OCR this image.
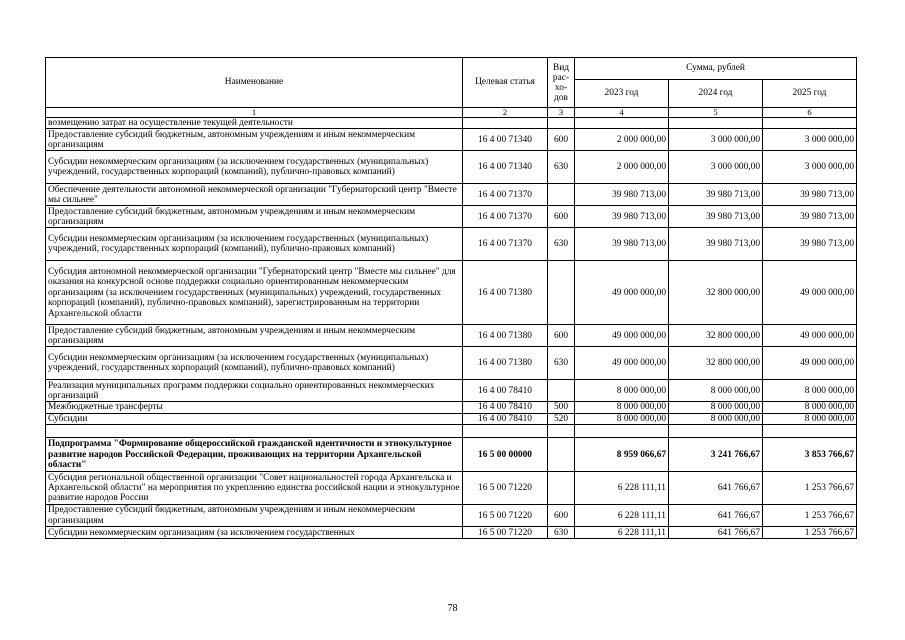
Наименование	Целевая статья	Вид рас-хо-дов	Сумма, рублей		
			2023 год	2024 год	2025 год
1	2	3	4	5	6
возмещению затрат на осуществление текущей деятельности					
Предоставление субсидий бюджетным, автономным учреждениям и иным некоммерческим организациям	16 4 00 71340	600	2 000 000,00	3 000 000,00	3 000 000,00
Субсидии некоммерческим организациям (за исключением государственных (муниципальных) учреждений, государственных корпораций (компаний), публично-правовых компаний)	16 4 00 71340	630	2 000 000,00	3 000 000,00	3 000 000,00
Обеспечение деятельности автономной некоммерческой организации "Губернаторский центр "Вместе мы сильнее"	16 4 00 71370		39 980 713,00	39 980 713,00	39 980 713,00
Предоставление субсидий бюджетным, автономным учреждениям и иным некоммерческим организациям	16 4 00 71370	600	39 980 713,00	39 980 713,00	39 980 713,00
Субсидии некоммерческим организациям (за исключением государственных (муниципальных) учреждений, государственных корпораций (компаний), публично-правовых компаний)	16 4 00 71370	630	39 980 713,00	39 980 713,00	39 980 713,00
Субсидия автономной некоммерческой организации "Губернаторский центр "Вместе мы сильнее" для оказания на конкурсной основе поддержки социально ориентированным некоммерческим организациям (за исключением государственных (муниципальных) учреждений, государственных корпораций (компаний), публично-правовых компаний), зарегистрированным на территории Архангельской области	16 4 00 71380		49 000 000,00	32 800 000,00	49 000 000,00
Предоставление субсидий бюджетным, автономным учреждениям и иным некоммерческим организациям	16 4 00 71380	600	49 000 000,00	32 800 000,00	49 000 000,00
Субсидии некоммерческим организациям (за исключением государственных (муниципальных) учреждений, государственных корпораций (компаний), публично-правовых компаний)	16 4 00 71380	630	49 000 000,00	32 800 000,00	49 000 000,00
Реализация муниципальных программ поддержки социально ориентированных некоммерческих организаций	16 4 00 78410		8 000 000,00	8 000 000,00	8 000 000,00
Межбюджетные трансферты	16 4 00 78410	500	8 000 000,00	8 000 000,00	8 000 000,00
Субсидии	16 4 00 78410	520	8 000 000,00	8 000 000,00	8 000 000,00

Подпрограмма "Формирование общероссийской гражданской идентичности и этнокультурное развитие народов Российской Федерации, проживающих на территории Архангельской области"	16 5 00 00000		8 959 066,67	3 241 766,67	3 853 766,67
Субсидия региональной общественной организации "Совет национальностей города Архангельска и Архангельской области" на мероприятия по укреплению единства российской нации и этнокультурное развитие народов России	16 5 00 71220		6 228 111,11	641 766,67	1 253 766,67
Предоставление субсидий бюджетным, автономным учреждениям и иным некоммерческим организациям	16 5 00 71220	600	6 228 111,11	641 766,67	1 253 766,67
Субсидии некоммерческим организациям (за исключением государственных	16 5 00 71220	630	6 228 111,11	641 766,67	1 253 766,67
78
